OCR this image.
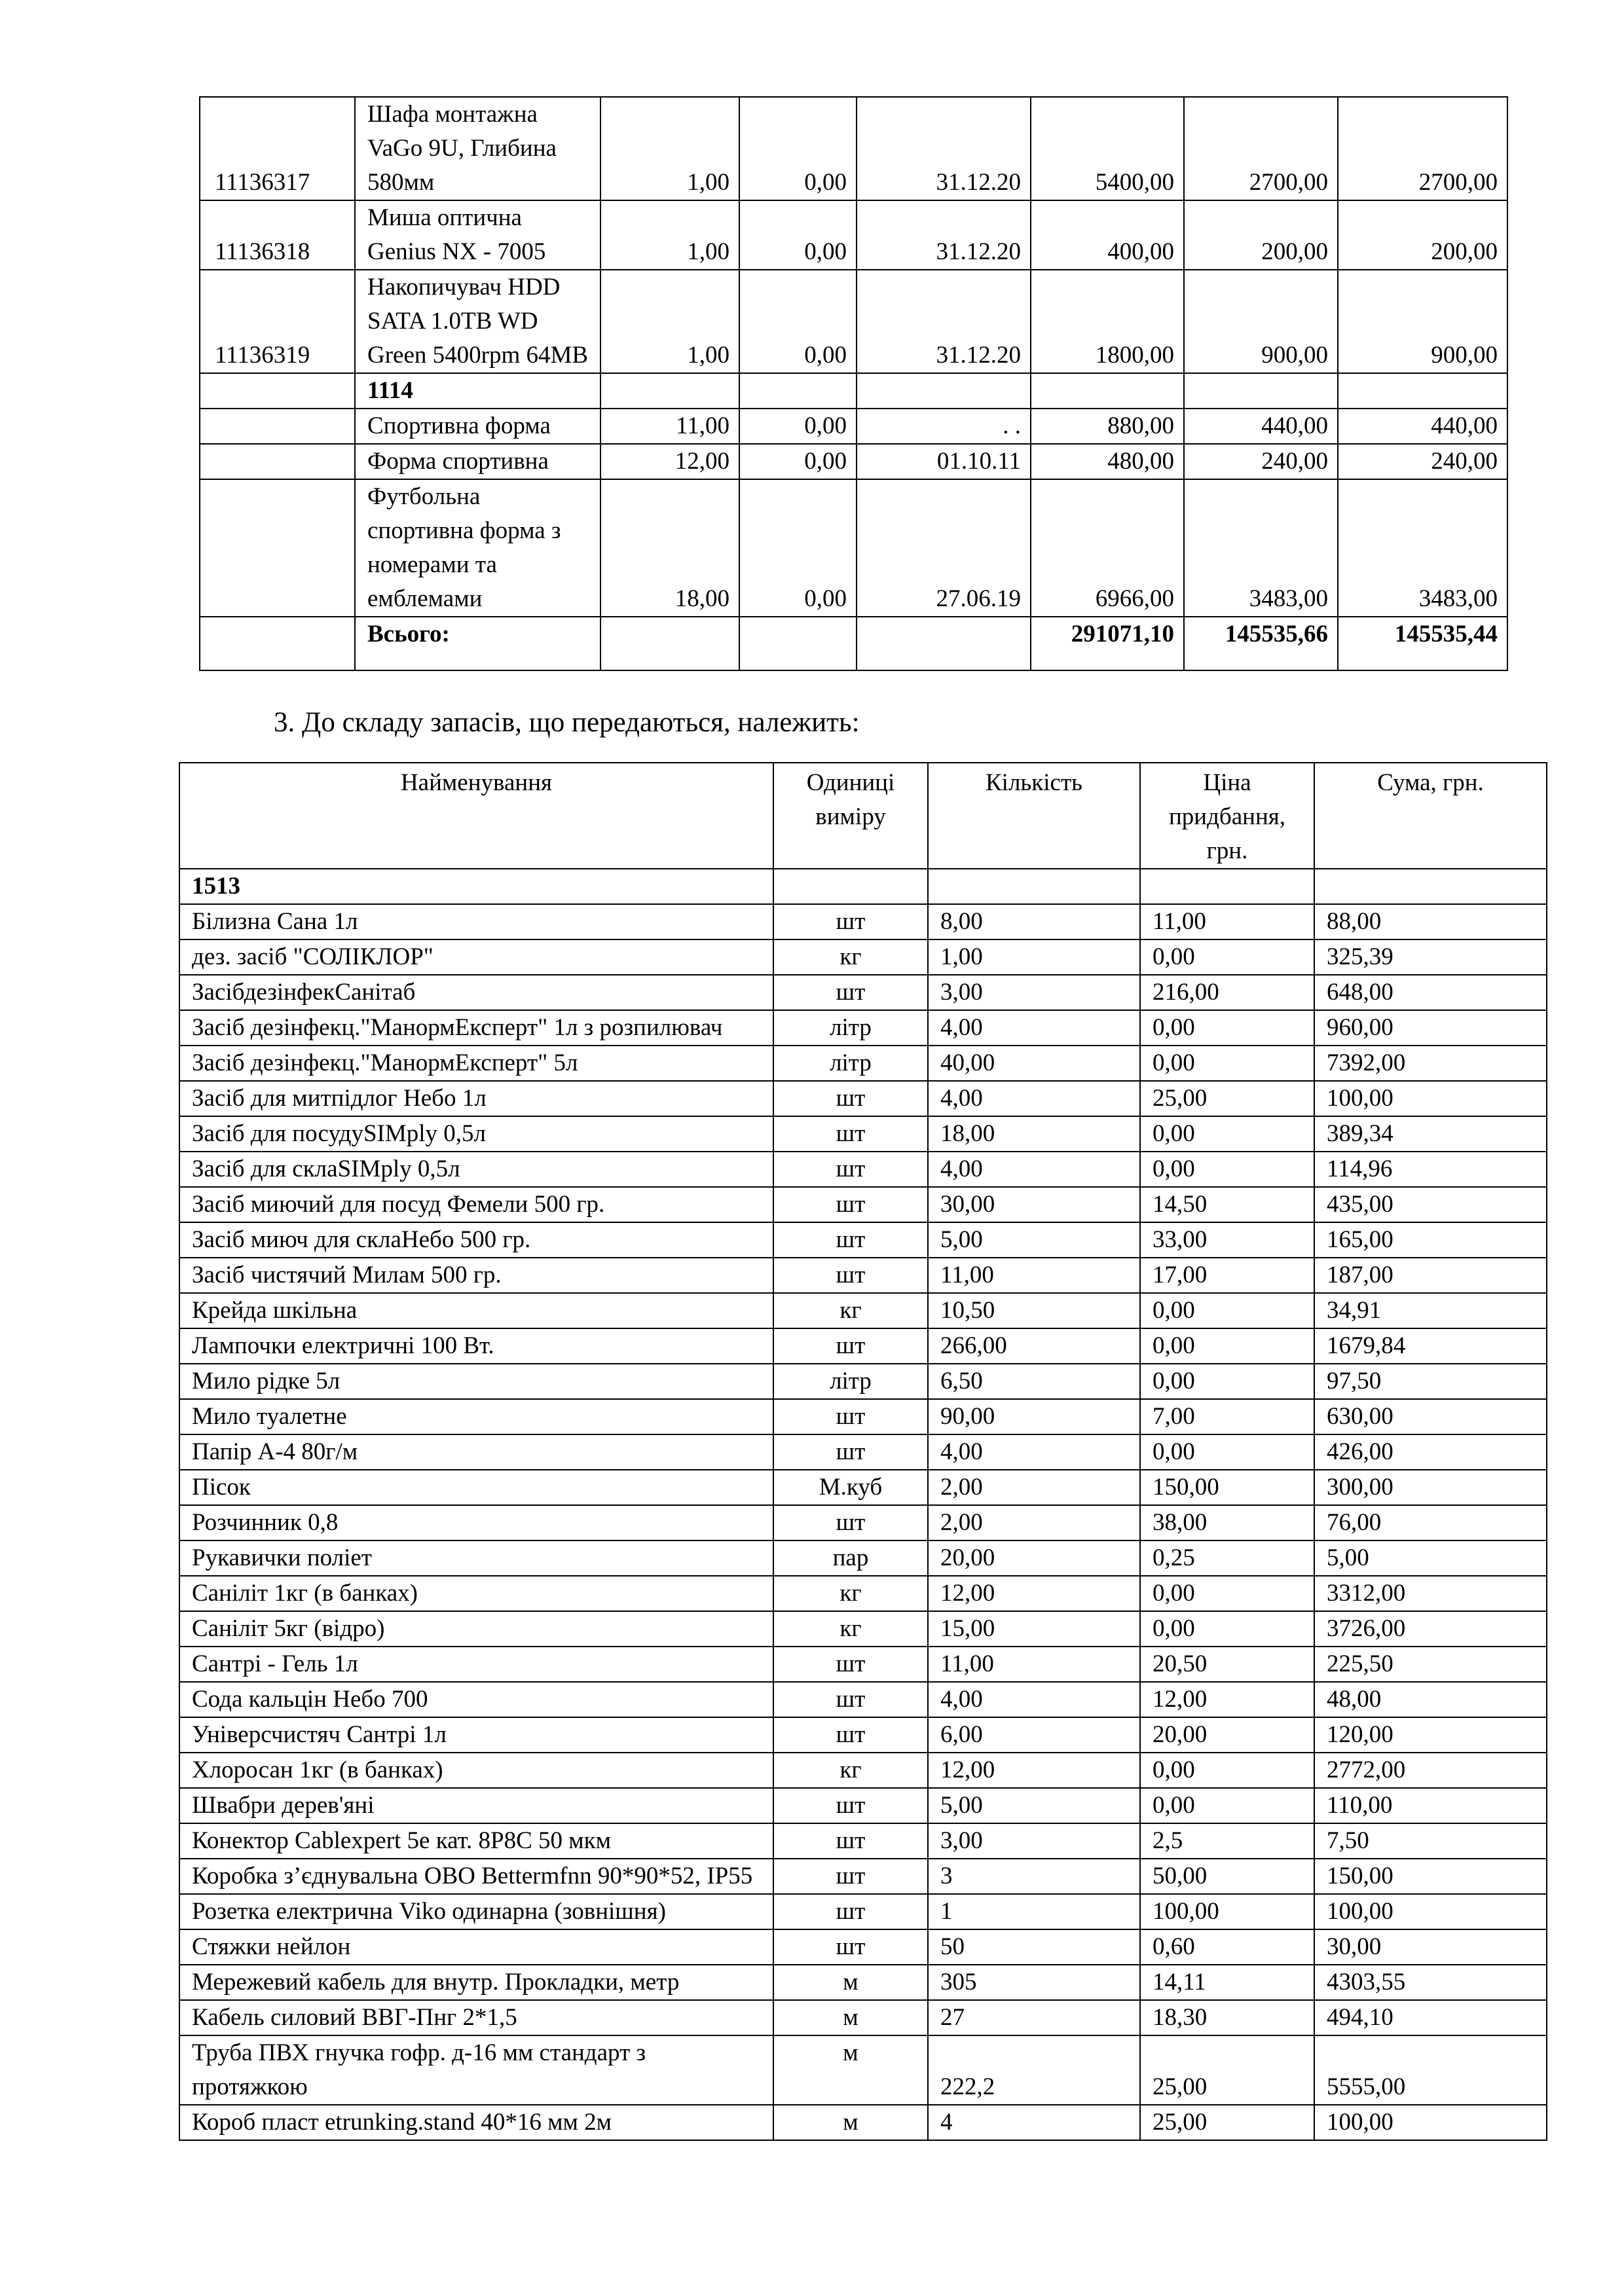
11136317	Шафа монтажна VaGo 9U, Глибина 580мм	1,00	0,00	31.12.20	5400,00	2700,00	2700,00
11136318	Миша оптична Genius NX - 7005	1,00	0,00	31.12.20	400,00	200,00	200,00
11136319	Накопичувач HDD SATA 1.0TB WD Green 5400rpm 64MB	1,00	0,00	31.12.20	1800,00	900,00	900,00
	1114						
	Спортивна форма	11,00	0,00	. .	880,00	440,00	440,00
	Форма спортивна	12,00	0,00	01.10.11	480,00	240,00	240,00
	Футбольна спортивна форма з номерами та емблемами	18,00	0,00	27.06.19	6966,00	3483,00	3483,00
	Всього:				291071,10	145535,66	145535,44
3. До складу запасів, що передаються, належить:
Найменування	Одиниці виміру	Кількість	Ціна придбання, грн.	Сума, грн.
1513				
Білизна Сана 1л	шт	8,00	11,00	88,00
дез. засіб "СОЛІКЛОР"	кг	1,00	0,00	325,39
ЗасібдезінфекСанітаб	шт	3,00	216,00	648,00
Засіб дезінфекц."МанормЕксперт" 1л з розпилювач	літр	4,00	0,00	960,00
Засіб дезінфекц."МанормЕксперт" 5л	літр	40,00	0,00	7392,00
Засіб для митпідлог Небо 1л	шт	4,00	25,00	100,00
Засіб для посудуSIMply 0,5л	шт	18,00	0,00	389,34
Засіб для склаSIMply 0,5л	шт	4,00	0,00	114,96
Засіб миючий для посуд Фемели 500 гр.	шт	30,00	14,50	435,00
Засіб миюч для склаНебо 500 гр.	шт	5,00	33,00	165,00
Засіб чистячий Милам 500 гр.	шт	11,00	17,00	187,00
Крейда шкільна	кг	10,50	0,00	34,91
Лампочки електричні 100 Вт.	шт	266,00	0,00	1679,84
Мило рідке 5л	літр	6,50	0,00	97,50
Мило туалетне	шт	90,00	7,00	630,00
Папір А-4 80г/м	шт	4,00	0,00	426,00
Пісок	М.куб	2,00	150,00	300,00
Розчинник 0,8	шт	2,00	38,00	76,00
Рукавички поліет	пар	20,00	0,25	5,00
Саніліт 1кг (в банках)	кг	12,00	0,00	3312,00
Саніліт 5кг (відро)	кг	15,00	0,00	3726,00
Сантрі - Гель 1л	шт	11,00	20,50	225,50
Сода кальцін Небо 700	шт	4,00	12,00	48,00
Універсчистяч Сантрі 1л	шт	6,00	20,00	120,00
Хлоросан 1кг (в банках)	кг	12,00	0,00	2772,00
Швабри дерев'яні	шт	5,00	0,00	110,00
Конектор Cablexpert 5e кат. 8P8C 50 мкм	шт	3,00	2,5	7,50
Коробка з’єднувальна OBO Bettermfnn 90*90*52, IP55	шт	3	50,00	150,00
Розетка електрична Viko одинарна (зовнішня)	шт	1	100,00	100,00
Стяжки нейлон	шт	50	0,60	30,00
Мережевий кабель для внутр. Прокладки, метр	м	305	14,11	4303,55
Кабель силовий ВВГ-Пнг 2*1,5	м	27	18,30	494,10
Труба ПВХ гнучка гофр. д-16 мм стандарт з протяжкою	м	222,2	25,00	5555,00
Короб пласт etrunking.stand 40*16 мм 2м	м	4	25,00	100,00
